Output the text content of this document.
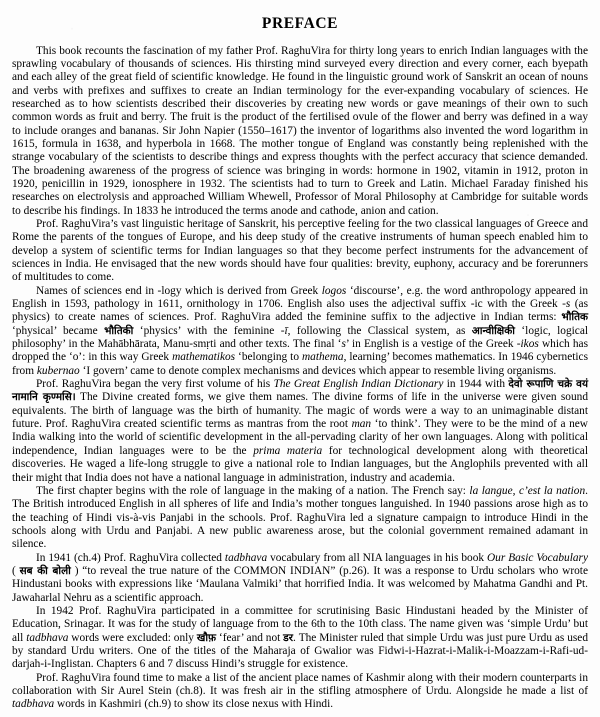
PREFACE

This book recounts the fascination of my father Prof. RaghuVira for thirty long years to enrich Indian languages with the sprawling vocabulary of thousands of sciences. His thirsting mind surveyed every direction and every corner, each byepath and each alley of the great field of scientific knowledge. He found in the linguistic ground work of Sanskrit an ocean of nouns and verbs with prefixes and suffixes to create an Indian terminology for the ever-expanding vocabulary of sciences. He researched as to how scientists described their discoveries by creating new words or gave meanings of their own to such common words as fruit and berry. The fruit is the product of the fertilised ovule of the flower and berry was defined in a way to include oranges and bananas. Sir John Napier (1550–1617) the inventor of logarithms also invented the word logarithm in 1615, formula in 1638, and hyperbola in 1668. The mother tongue of England was constantly being replenished with the strange vocabulary of the scientists to describe things and express thoughts with the perfect accuracy that science demanded. The broadening awareness of the progress of science was bringing in words: hormone in 1902, vitamin in 1912, proton in 1920, penicillin in 1929, ionosphere in 1932. The scientists had to turn to Greek and Latin. Michael Faraday finished his researches on electrolysis and approached William Whewell, Professor of Moral Philosophy at Cambridge for suitable words to describe his findings. In 1833 he introduced the terms anode and cathode, anion and cation.

Prof. RaghuVira’s vast linguistic heritage of Sanskrit, his perceptive feeling for the two classical languages of Greece and Rome the parents of the tongues of Europe, and his deep study of the creative instruments of human speech enabled him to develop a system of scientific terms for Indian languages so that they become perfect instruments for the advancement of sciences in India. He envisaged that the new words should have four qualities: brevity, euphony, accuracy and be forerunners of multitudes to come.

Names of sciences end in -logy which is derived from Greek logos ‘discourse’, e.g. the word anthropology appeared in English in 1593, pathology in 1611, ornithology in 1706. English also uses the adjectival suffix -ic with the Greek -s (as physics) to create names of sciences. Prof. RaghuVira added the feminine suffix to the adjective in Indian terms: भौतिक ‘physical’ became भौतिकी ‘physics’ with the feminine -ī, following the Classical system, as आन्वीक्षिकी ‘logic, logical philosophy’ in the Mahābhārata, Manu-smṛti and other texts. The final ‘s’ in English is a vestige of the Greek -ikos which has dropped the ‘o’: in this way Greek mathematikos ‘belonging to mathema, learning’ becomes mathematics. In 1946 cybernetics from kubernao ‘I govern’ came to denote complex mechanisms and devices which appear to resemble living organisms.

Prof. RaghuVira began the very first volume of his The Great English Indian Dictionary in 1944 with देवो रूपाणि चक्रे वयं नामानि कृण्मसि। The Divine created forms, we give them names. The divine forms of life in the universe were given sound equivalents. The birth of language was the birth of humanity. The magic of words were a way to an unimaginable distant future. Prof. RaghuVira created scientific terms as mantras from the root man ‘to think’. They were to be the mind of a new India walking into the world of scientific development in the all-pervading clarity of her own languages. Along with political independence, Indian languages were to be the prima materia for technological development along with theoretical discoveries. He waged a life-long struggle to give a national role to Indian languages, but the Anglophils prevented with all their might that India does not have a national language in administration, industry and academia.

The first chapter begins with the role of language in the making of a nation. The French say: la langue, c’est la nation. The British introduced English in all spheres of life and India’s mother tongues languished. In 1940 passions arose high as to the teaching of Hindi vis-à-vis Panjabi in the schools. Prof. RaghuVira led a signature campaign to introduce Hindi in the schools along with Urdu and Panjabi. A new public awareness arose, but the colonial government remained adamant in silence.

In 1941 (ch.4) Prof. RaghuVira collected tadbhava vocabulary from all NIA languages in his book Our Basic Vocabulary ( सब की बोली ) “to reveal the true nature of the COMMON INDIAN” (p.26). It was a response to Urdu scholars who wrote Hindustani books with expressions like ‘Maulana Valmiki’ that horrified India. It was welcomed by Mahatma Gandhi and Pt. Jawaharlal Nehru as a scientific approach.

In 1942 Prof. RaghuVira participated in a committee for scrutinising Basic Hindustani headed by the Minister of Education, Srinagar. It was for the study of language from to the 6th to the 10th class. The name given was ‘simple Urdu’ but all tadbhava words were excluded: only खौफ़ ‘fear’ and not डर. The Minister ruled that simple Urdu was just pure Urdu as used by standard Urdu writers. One of the titles of the Maharaja of Gwalior was Fidwi-i-Hazrat-i-Malik-i-Moazzam-i-Rafi-ud-darjah-i-Inglistan. Chapters 6 and 7 discuss Hindi’s struggle for existence.

Prof. RaghuVira found time to make a list of the ancient place names of Kashmir along with their modern counterparts in collaboration with Sir Aurel Stein (ch.8). It was fresh air in the stifling atmosphere of Urdu. Alongside he made a list of tadbhava words in Kashmiri (ch.9) to show its close nexus with Hindi.
